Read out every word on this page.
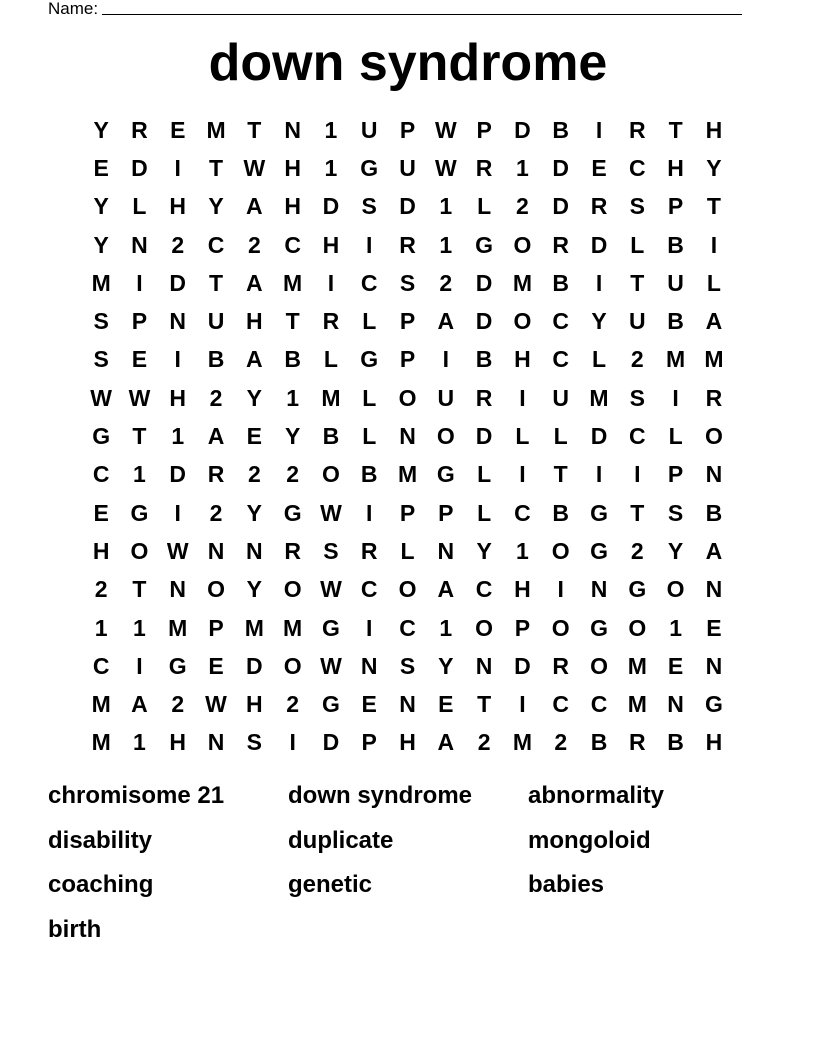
Name:
down syndrome
Y R E M T N	1	U P W P D B	I	R T H
E D	I	T W H	1 G U W R	1	D E C H Y
Y	L H Y A H D S D	1	L	2	D R S P	T
Y N	2	C	2	C H	I	R	1 G O R D L B	I
M	I	D T A M	I	C S	2	D M B	I	T U L
S P N U H T R L	P A D O C Y U B A
S E	I	B A B L G P	I	B H C L	2 M M
W W H	2	Y	1 M L O U R	I	U M S	I	R
G T	1	A E Y B L N O D L	L D C L O
C	1	D R	2	2 O B M G L	I	T	I	I	P N
E G	I	2	Y G W	I	P P	L C B G T	S B
H O W N N R S R L N Y	1 O G 2	Y A
2	T N O Y O W C O A C H	I	N G O N
1	1 M P M M G	I	C	1 O P O G O 1	E
C	I	G E D O W N S Y N D R O M E N
M A	2 W H	2 G E N E	T	I	C C M N G
M 1	H N S	I	D P H A	2 M 2	B R B H
chromisome 21	down syndrome	abnormality
disability	duplicate	mongoloid
coaching	genetic	babies
birth
